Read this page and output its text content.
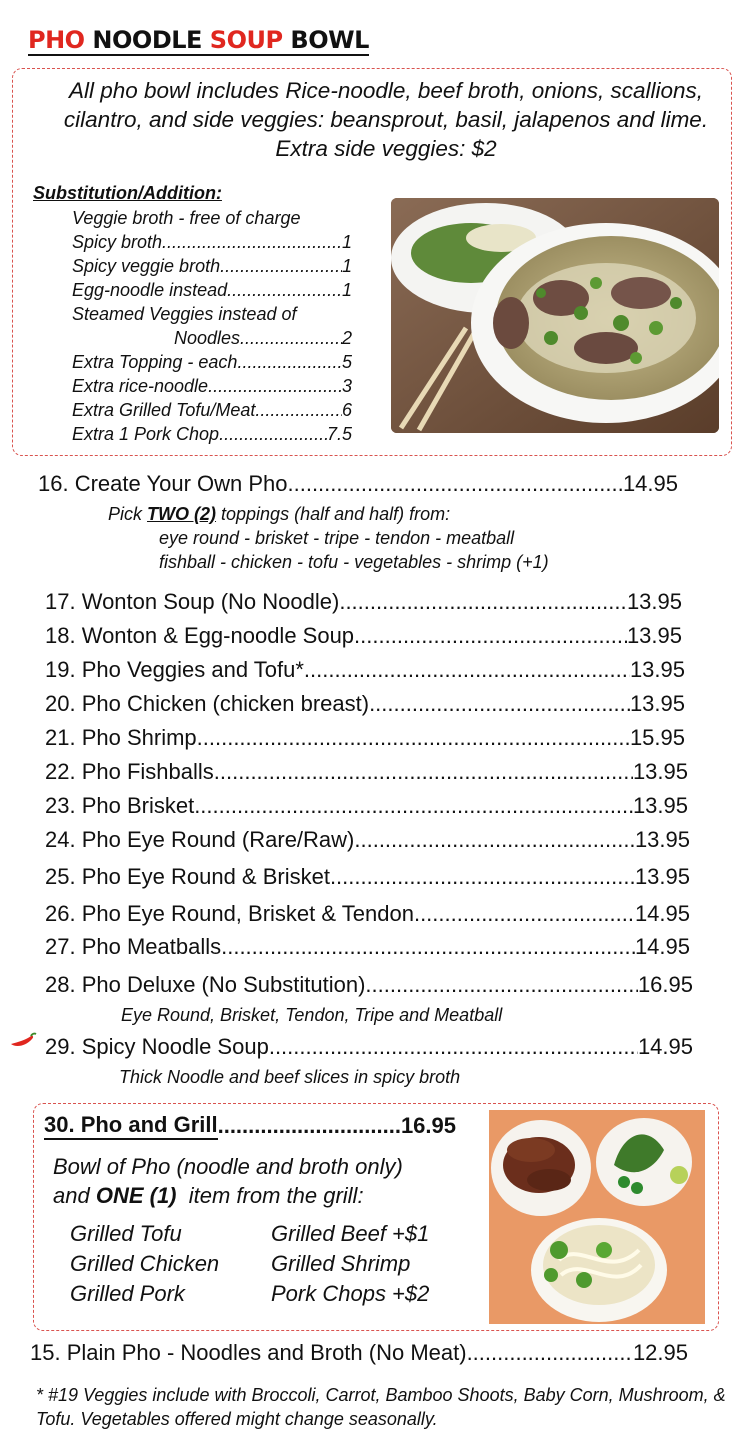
PHO NOODLE SOUP BOWL
All pho bowl includes Rice-noodle, beef broth, onions, scallions, cilantro, and side veggies: beansprout, basil, jalapenos and lime. Extra side veggies: $2
Substitution/Addition:
Veggie broth - free of charge
Spicy broth .....	1
Spicy veggie broth .....	1
Egg-noodle instead .....	1
Steamed Veggies instead of
Noodles .....	2
Extra Topping - each .....	5
Extra rice-noodle .....	3
Extra Grilled Tofu/Meat .....	6
Extra 1 Pork Chop .....	7.5
16. Create Your Own Pho .....	14.95
Pick TWO (2) toppings (half and half) from:
eye round - brisket - tripe - tendon - meatball
fishball - chicken - tofu - vegetables - shrimp (+1)
17. Wonton Soup (No Noodle) .....	13.95
18. Wonton & Egg-noodle Soup .....	13.95
19. Pho Veggies and Tofu* .....	13.95
20. Pho Chicken (chicken breast) .....	13.95
21. Pho Shrimp .....	15.95
22. Pho Fishballs .....	13.95
23. Pho Brisket .....	13.95
24. Pho Eye Round (Rare/Raw) .....	13.95
25. Pho Eye Round & Brisket .....	13.95
26. Pho Eye Round, Brisket & Tendon .....	14.95
27. Pho Meatballs .....	14.95
28. Pho Deluxe (No Substitution) .....	16.95
Eye Round, Brisket, Tendon, Tripe and Meatball
29. Spicy Noodle Soup .....	14.95
Thick Noodle and beef slices in spicy broth
30. Pho and Grill .....	16.95
Bowl of Pho (noodle and broth only)
and ONE (1)  item from the grill:
Grilled Tofu
Grilled Chicken
Grilled Pork
Grilled Beef +$1
Grilled Shrimp
Pork Chops +$2
15. Plain Pho - Noodles and Broth (No Meat) .....	12.95
* #19 Veggies include with Broccoli, Carrot, Bamboo Shoots, Baby Corn, Mushroom, & Tofu. Vegetables offered might change seasonally.
